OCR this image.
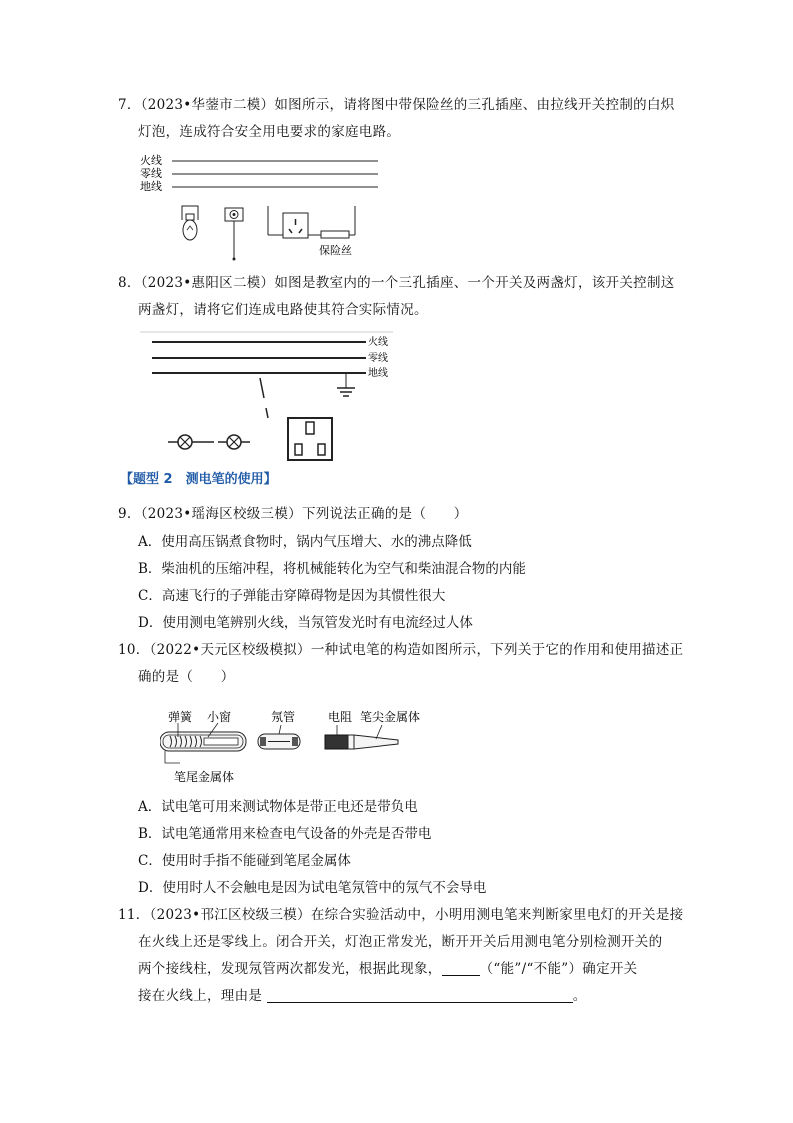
7．（2023•华蓥市二模）如图所示，请将图中带保险丝的三孔插座、由拉线开关控制的白炽
灯泡，连成符合安全用电要求的家庭电路。
火线
零线
地线
保险丝
8．（2023•惠阳区二模）如图是教室内的一个三孔插座、一个开关及两盏灯，该开关控制这
两盏灯，请将它们连成电路使其符合实际情况。
火线
零线
地线
【题型 2　测电笔的使用】
9．（2023•瑶海区校级三模）下列说法正确的是（　　）
A．使用高压锅煮食物时，锅内气压增大、水的沸点降低
B．柴油机的压缩冲程，将机械能转化为空气和柴油混合物的内能
C．高速飞行的子弹能击穿障碍物是因为其惯性很大
D．使用测电笔辨别火线，当氖管发光时有电流经过人体
10．（2022•天元区校级模拟）一种试电笔的构造如图所示，下列关于它的作用和使用描述正
确的是（　　）
弹簧 小窗	氖管	电阻 笔尖金属体
笔尾金属体
A．试电笔可用来测试物体是带正电还是带负电
B．试电笔通常用来检查电气设备的外壳是否带电
C．使用时手指不能碰到笔尾金属体
D．使用时人不会触电是因为试电笔氖管中的氖气不会导电
11．（2023•邗江区校级三模）在综合实验活动中，小明用测电笔来判断家里电灯的开关是接
在火线上还是零线上。闭合开关，灯泡正常发光，断开开关后用测电笔分别检测开关的
两个接线柱，发现氖管两次都发光，根据此现象，	（“能”/“不能”）确定开关
接在火线上，理由是	。
